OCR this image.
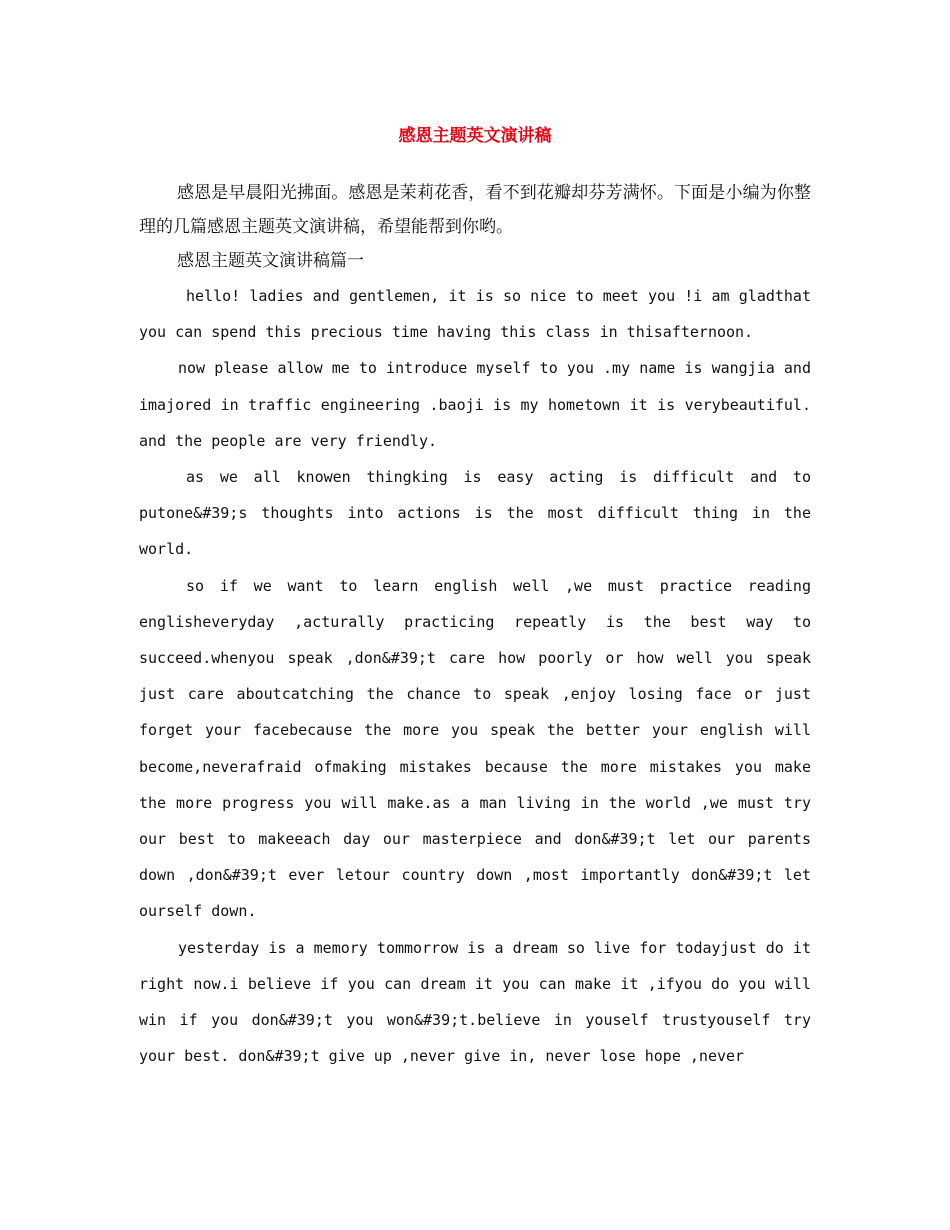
感恩主题英文演讲稿

感恩是早晨阳光拂面。感恩是茉莉花香，看不到花瓣却芬芳满怀。下面是小编为你整理的几篇感恩主题英文演讲稿，希望能帮到你哟。

感恩主题英文演讲稿篇一

hello! ladies and gentlemen, it is so nice to meet you !i am gladthat you can spend this precious time having this class in thisafternoon.

now please allow me to introduce myself to you .my name is wangjia and imajored in traffic engineering .baoji is my hometown it is verybeautiful. and the people are very friendly.

as we all knowen thingking is easy acting is difficult and to putone&#39;s thoughts into actions is the most difficult thing in the world.

so if we want to learn english well ,we must practice reading englisheveryday ,acturally practicing repeatly is the best way to succeed.whenyou speak ,don&#39;t care how poorly or how well you speak just care aboutcatching the chance to speak ,enjoy losing face or just forget your facebecause the more you speak the better your english will become,neverafraid ofmaking mistakes because the more mistakes you make the more progress you will make.as a man living in the world ,we must try our best to makeeach day our masterpiece and don&#39;t let our parents down ,don&#39;t ever letour country down ,most importantly don&#39;t let ourself down.

yesterday is a memory tommorrow is a dream so live for todayjust do it right now.i believe if you can dream it you can make it ,ifyou do you will win if you don&#39;t you won&#39;t.believe in youself trustyouself try your best. don&#39;t give up ,never give in, never lose hope ,never
